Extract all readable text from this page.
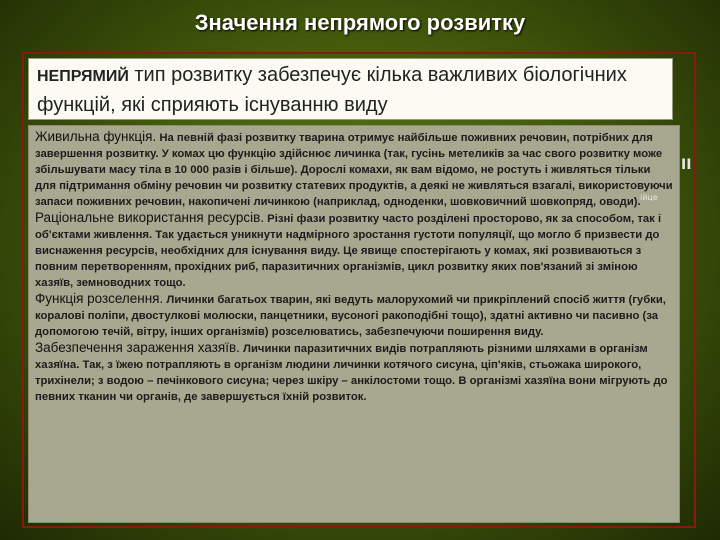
Значення непрямого розвитку

НЕПРЯМИЙ тип розвитку забезпечує кілька важливих біологічних функцій, які сприяють існуванню виду

Живильна функція. На певній фазі розвитку тварина отримує найбільше поживних речовин, потрібних для завершення розвитку. У комах цю функцію здійснює личинка (так, гусінь метеликів за час свого розвитку може збільшувати масу тіла в 10 000 разів і більше). Дорослі комахи, як вам відомо, не ростуть і живляться тільки для підтримання обміну речовин чи розвитку статевих продуктів, а деякі не живляться взагалі, використовуючи запаси поживних речовин, накопичені личинкою (наприклад, одноденки, шовковичний шовкопряд, оводи).

Раціональне використання ресурсів. Різні фази розвитку часто розділені просторово, як за способом, так і об'єктами живлення. Так удається уникнути надмірного зростання густоти популяції, що могло б призвести до виснаження ресурсів, необхідних для існування виду. Це явище спостерігають у комах, які розвиваються з повним перетворенням, прохідних риб, паразитичних організмів, цикл розвитку яких пов'язаний зі зміною хазяїв, земноводних тощо.

Функція розселення. Личинки багатьох тварин, які ведуть малорухомий чи прикріплений спосіб життя (губки, коралові поліпи, двостулкові молюски, панцетники, вусоногі ракоподібні тощо), здатні активно чи пасивно (за допомогою течій, вітру, інших організмів) розселюватись, забезпечуючи поширення виду.

Забезпечення зараження хазяїв. Личинки паразитичних видів потрапляють різними шляхами в організм хазяїна. Так, з їжею потрапляють в організм людини личинки котячого сисуна, ціп'яків, стьожака широкого, трихінели; з водою – печінкового сисуна; через шкіру – анкілостоми тощо. В організмі хазяїна вони мігрують до певних тканин чи органів, де завершується їхній розвиток.

II
ійце
